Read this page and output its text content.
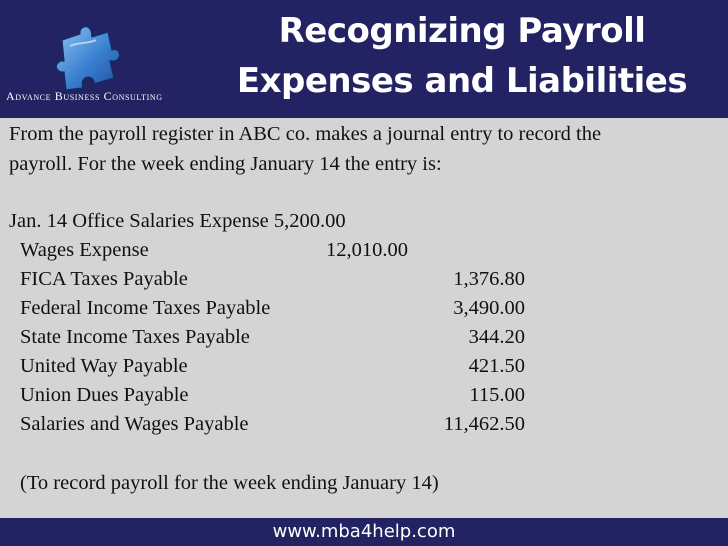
Advance Business Consulting
Recognizing Payroll
Expenses and Liabilities
From the payroll register in ABC co. makes a journal entry to record the
payroll. For the week ending January 14 the entry is:
Jan. 14 Office Salaries Expense 5,200.00
Wages Expense	12,010.00
FICA Taxes Payable	1,376.80
Federal Income Taxes Payable	3,490.00
State Income Taxes Payable	344.20
United Way Payable	421.50
Union Dues Payable	115.00
Salaries and Wages Payable	11,462.50
(To record payroll for the week ending January 14)
www.mba4help.com
